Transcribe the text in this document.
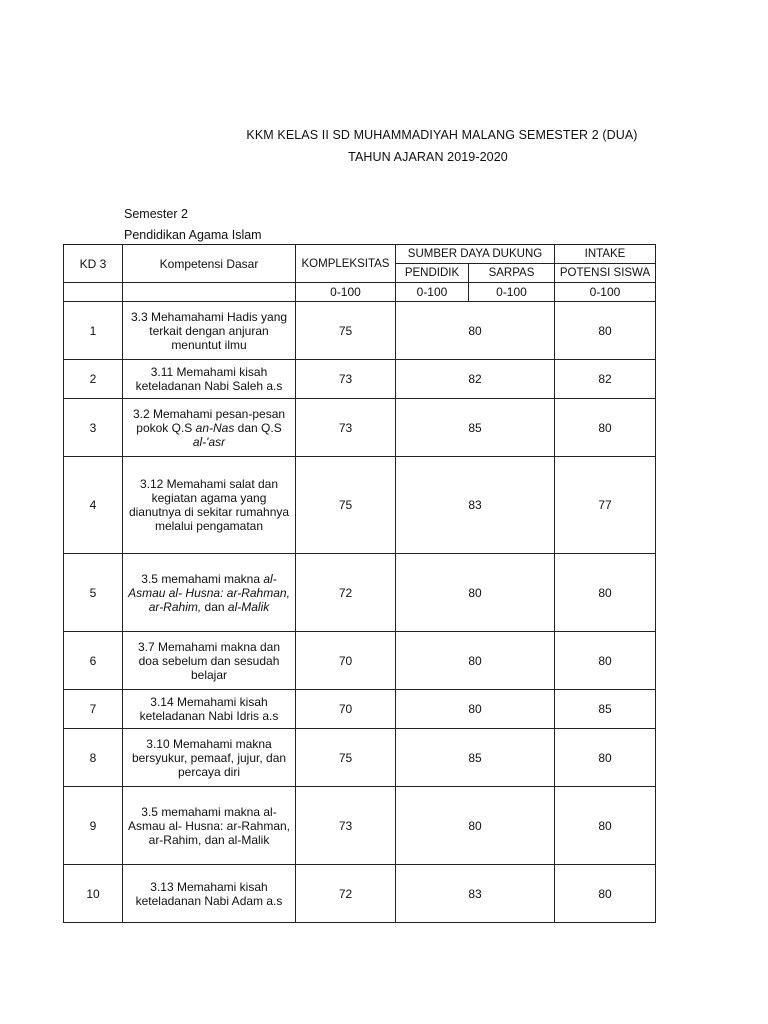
KKM KELAS II SD MUHAMMADIYAH MALANG SEMESTER 2 (DUA)
TAHUN AJARAN 2019-2020
Semester 2
Pendidikan Agama Islam
KD 3	Kompetensi Dasar	KOMPLEKSITAS	SUMBER DAYA DUKUNG		INTAKE
			PENDIDIK	SARPAS	POTENSI SISWA
		0-100	0-100	0-100	0-100
1	3.3 Mehamahami Hadis yang
terkait dengan anjuran
menuntut ilmu	75	80		80
2	3.11 Memahami kisah
keteladanan Nabi Saleh a.s	73	82		82
3	3.2 Memahami pesan-pesan
pokok Q.S an-Nas dan Q.S
al-'asr	73	85		80
4	3.12 Memahami salat dan
kegiatan agama yang
dianutnya di sekitar rumahnya
melalui pengamatan	75	83		77
5	3.5 memahami makna al-
Asmau al- Husna: ar-Rahman,
ar-Rahim, dan al-Malik	72	80		80
6	3.7 Memahami makna dan
doa sebelum dan sesudah
belajar	70	80		80
7	3.14 Memahami kisah
keteladanan Nabi Idris a.s	70	80		85
8	3.10 Memahami makna
bersyukur, pemaaf, jujur, dan
percaya diri	75	85		80
9	3.5 memahami makna al-
Asmau al- Husna: ar-Rahman,
ar-Rahim, dan al-Malik	73	80		80
10	3.13 Memahami kisah
keteladanan Nabi Adam a.s	72	83		80
